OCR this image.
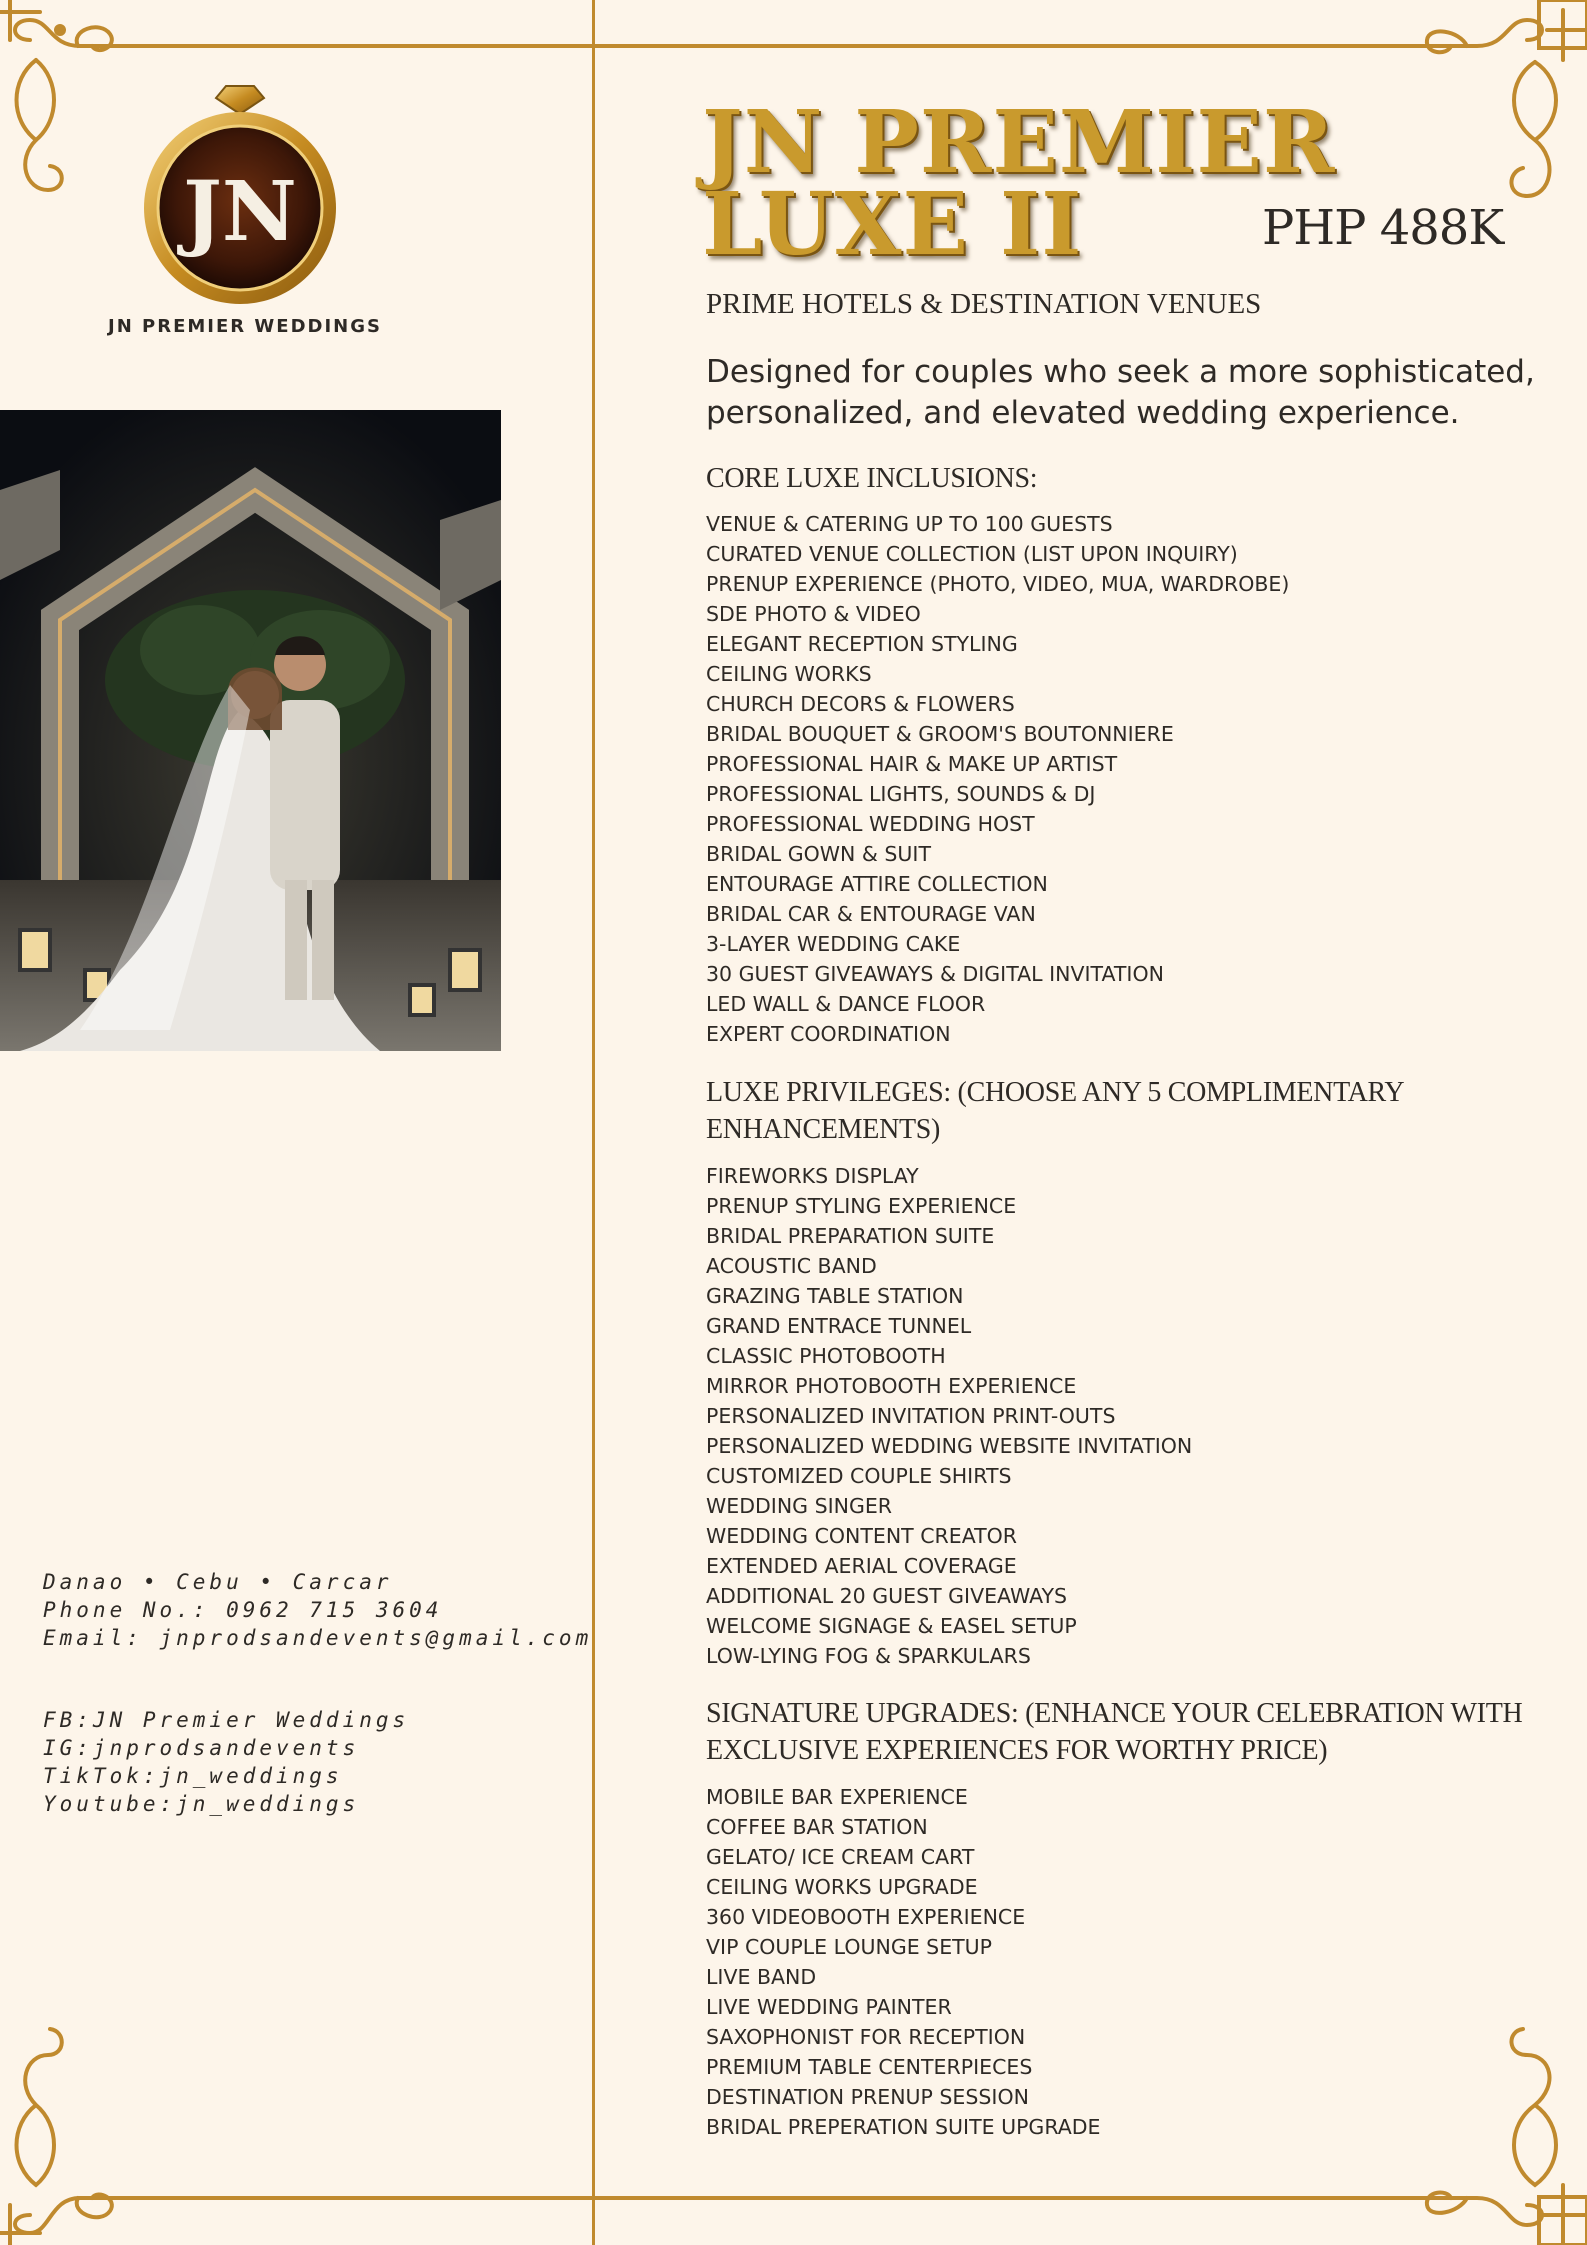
JN
JN PREMIER WEDDINGS
Danao • Cebu • Carcar
Phone No.: 0962 715 3604
Email: jnprodsandevents@gmail.com
FB:JN Premier Weddings
IG:jnprodsandevents
TikTok:jn_weddings
Youtube:jn_weddings
JN PREMIER
LUXE II	PHP 488K
PRIME HOTELS & DESTINATION VENUES
Designed for couples who seek a more sophisticated, personalized, and elevated wedding experience.
CORE LUXE INCLUSIONS:
VENUE & CATERING UP TO 100 GUESTS
CURATED VENUE COLLECTION (LIST UPON INQUIRY)
PRENUP EXPERIENCE (PHOTO, VIDEO, MUA, WARDROBE)
SDE PHOTO & VIDEO
ELEGANT RECEPTION STYLING
CEILING WORKS
CHURCH DECORS & FLOWERS
BRIDAL BOUQUET & GROOM'S BOUTONNIERE
PROFESSIONAL HAIR & MAKE UP ARTIST
PROFESSIONAL LIGHTS, SOUNDS & DJ
PROFESSIONAL WEDDING HOST
BRIDAL GOWN & SUIT
ENTOURAGE ATTIRE COLLECTION
BRIDAL CAR & ENTOURAGE VAN
3-LAYER WEDDING CAKE
30 GUEST GIVEAWAYS & DIGITAL INVITATION
LED WALL & DANCE FLOOR
EXPERT COORDINATION
LUXE PRIVILEGES: (CHOOSE ANY 5 COMPLIMENTARY
ENHANCEMENTS)
FIREWORKS DISPLAY
PRENUP STYLING EXPERIENCE
BRIDAL PREPARATION SUITE
ACOUSTIC BAND
GRAZING TABLE STATION
GRAND ENTRACE TUNNEL
CLASSIC PHOTOBOOTH
MIRROR PHOTOBOOTH EXPERIENCE
PERSONALIZED INVITATION PRINT-OUTS
PERSONALIZED WEDDING WEBSITE INVITATION
CUSTOMIZED COUPLE SHIRTS
WEDDING SINGER
WEDDING CONTENT CREATOR
EXTENDED AERIAL COVERAGE
ADDITIONAL 20 GUEST GIVEAWAYS
WELCOME SIGNAGE & EASEL SETUP
LOW-LYING FOG & SPARKULARS
SIGNATURE UPGRADES: (ENHANCE YOUR CELEBRATION WITH
EXCLUSIVE EXPERIENCES FOR WORTHY PRICE)
MOBILE BAR EXPERIENCE
COFFEE BAR STATION
GELATO/ ICE CREAM CART
CEILING WORKS UPGRADE
360 VIDEOBOOTH EXPERIENCE
VIP COUPLE LOUNGE SETUP
LIVE BAND
LIVE WEDDING PAINTER
SAXOPHONIST FOR RECEPTION
PREMIUM TABLE CENTERPIECES
DESTINATION PRENUP SESSION
BRIDAL PREPERATION SUITE UPGRADE
